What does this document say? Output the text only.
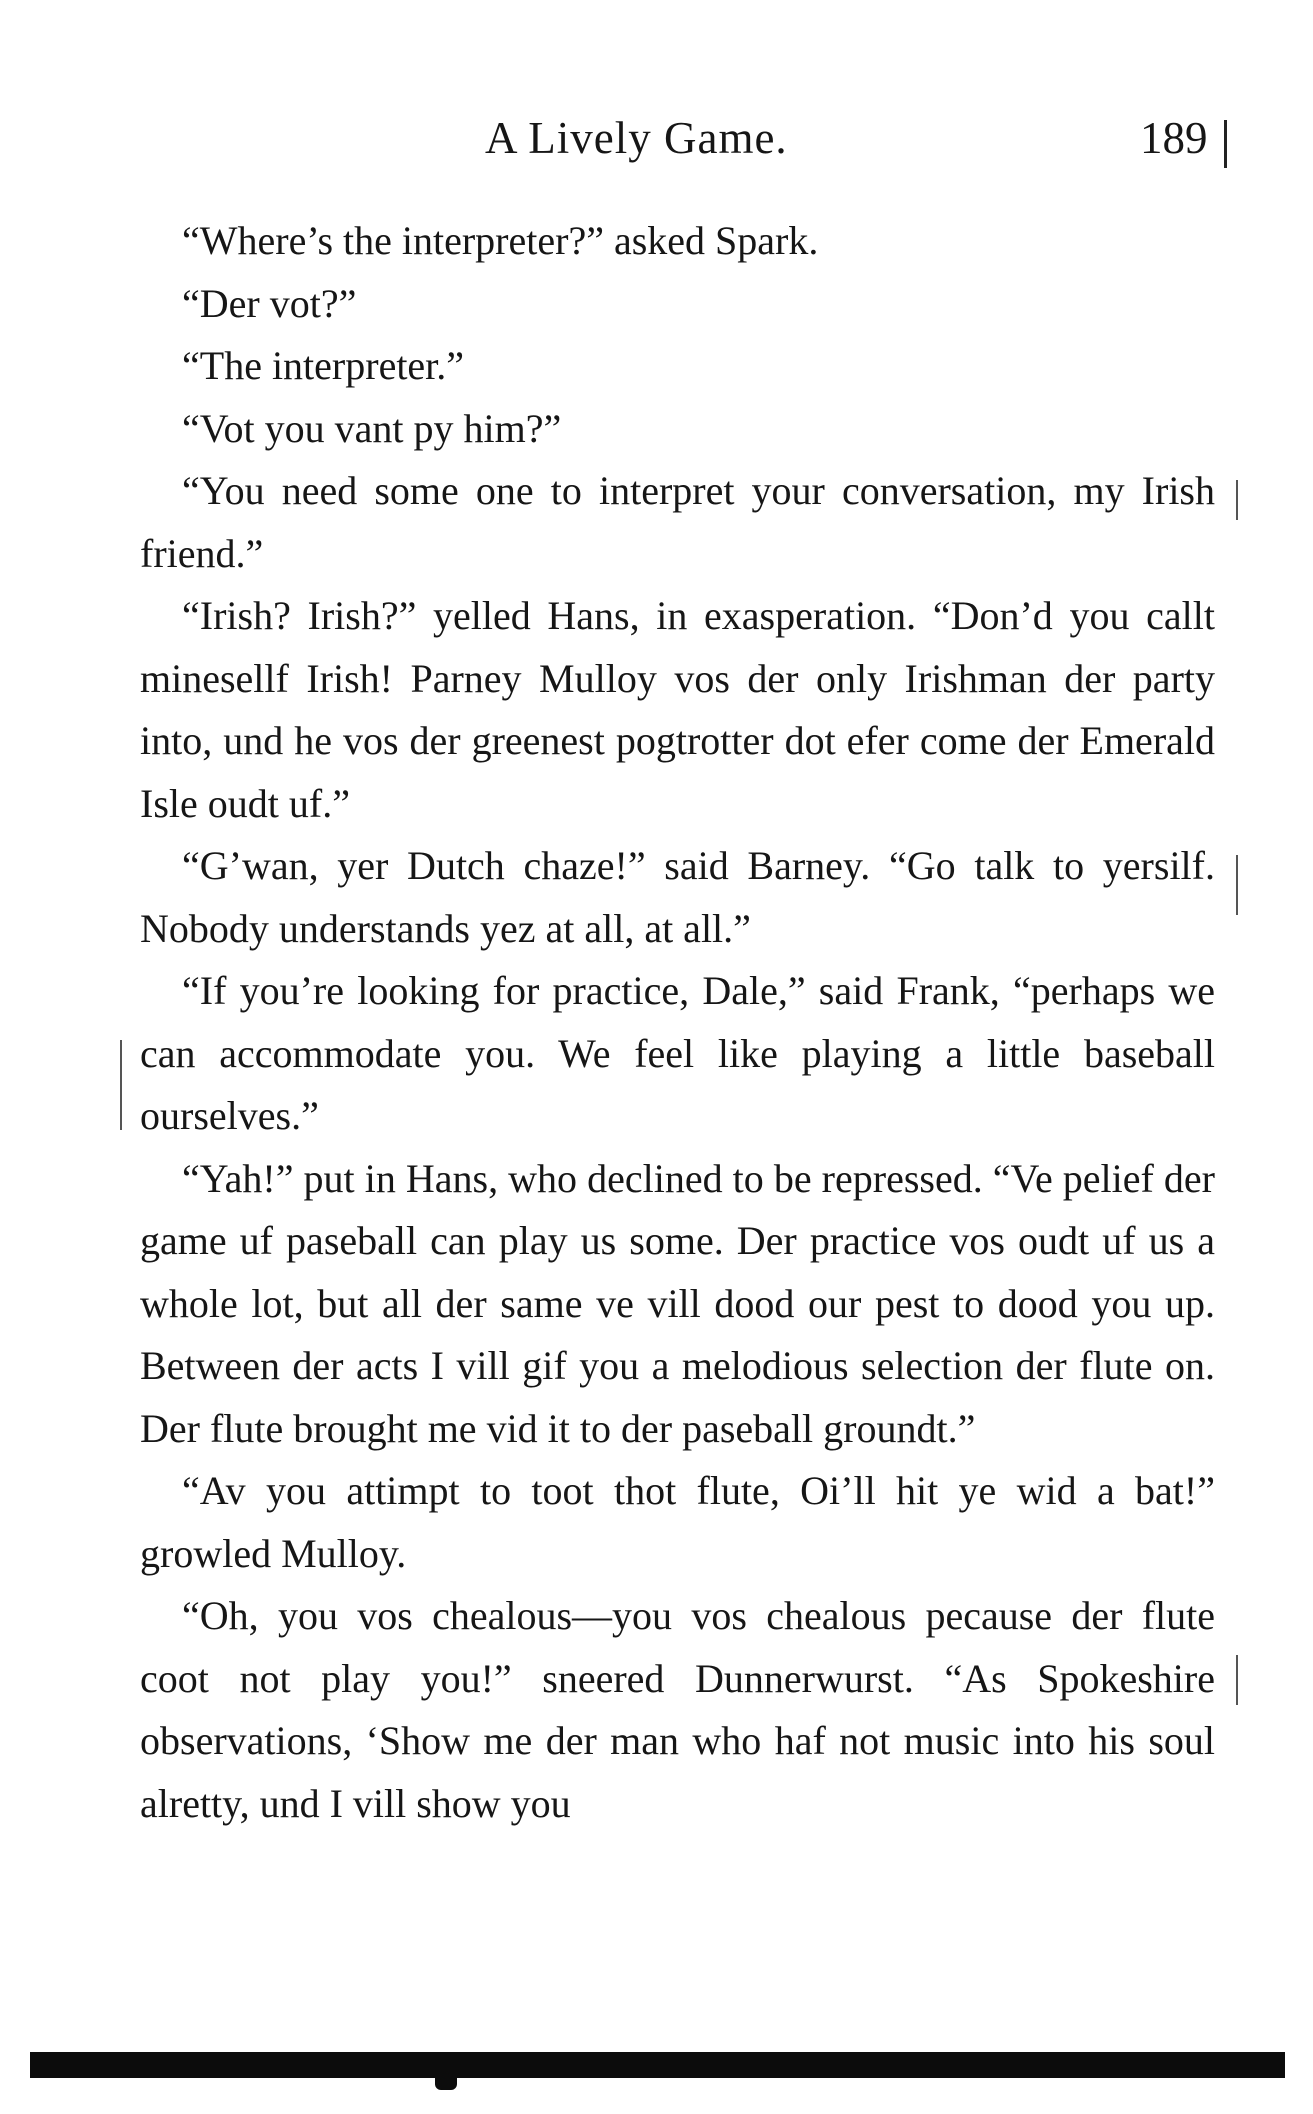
A Lively Game.	189

“Where’s the interpreter?” asked Spark.

“Der vot?”

“The interpreter.”

“Vot you vant py him?”

“You need some one to interpret your conversation, my Irish friend.”

“Irish? Irish?” yelled Hans, in exasperation. “Don’d you callt minesellf Irish! Parney Mulloy vos der only Irishman der party into, und he vos der greenest pogtrotter dot efer come der Emerald Isle oudt uf.”

“G’wan, yer Dutch chaze!” said Barney. “Go talk to yersilf. Nobody understands yez at all, at all.”

“If you’re looking for practice, Dale,” said Frank, “perhaps we can accommodate you. We feel like playing a little baseball ourselves.”

“Yah!” put in Hans, who declined to be repressed. “Ve pelief der game uf paseball can play us some. Der practice vos oudt uf us a whole lot, but all der same ve vill dood our pest to dood you up. Between der acts I vill gif you a melodious selection der flute on. Der flute brought me vid it to der paseball groundt.”

“Av you attimpt to toot thot flute, Oi’ll hit ye wid a bat!” growled Mulloy.

“Oh, you vos chealous—you vos chealous pecause der flute coot not play you!” sneered Dunnerwurst. “As Spokeshire observations, ‘Show me der man who haf not music into his soul alretty, und I vill show you
